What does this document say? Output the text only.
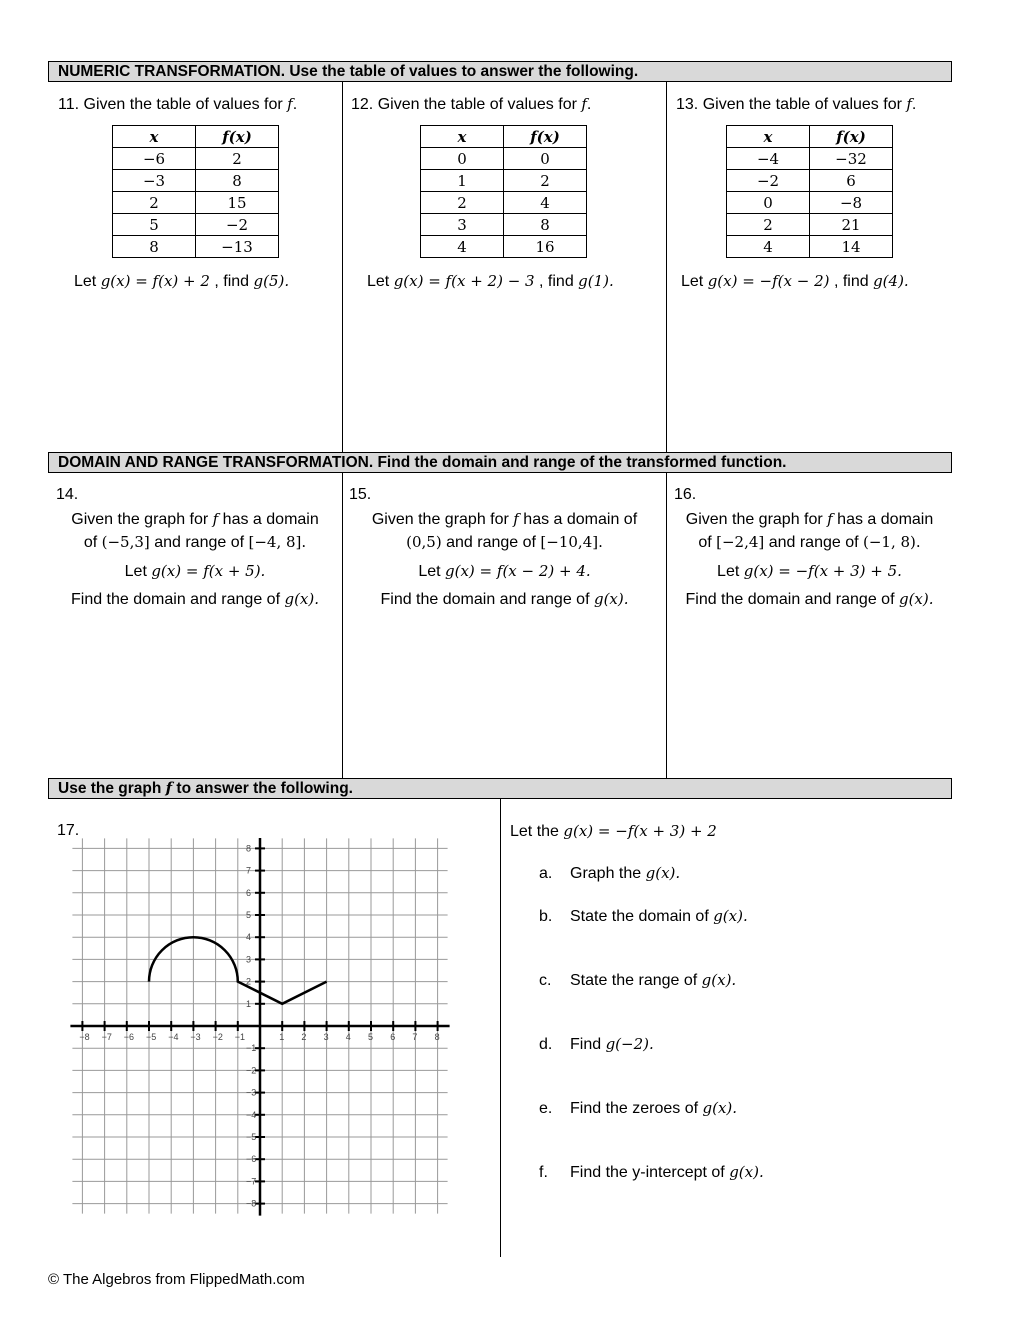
NUMERIC TRANSFORMATION. Use the table of values to answer the following.
11. Given the table of values for f.
x	f(x)
−6	2
−3	8
2	15
5	−2
8	−13
Let g(x) = f(x) + 2 , find g(5).
12. Given the table of values for f.
x	f(x)
0	0
1	2
2	4
3	8
4	16
Let g(x) = f(x + 2) − 3 , find g(1).
13. Given the table of values for f.
x	f(x)
−4	−32
−2	6
0	−8
2	21
4	14
Let g(x) = −f(x − 2) , find g(4).
DOMAIN AND RANGE TRANSFORMATION. Find the domain and range of the transformed function.
14.
Given the graph for f has a domain
of (−5,3] and range of [−4, 8].
Let g(x) = f(x + 5).
Find the domain and range of g(x).
15.
Given the graph for f has a domain of
(0,5) and range of [−10,4].
Let g(x) = f(x − 2) + 4.
Find the domain and range of g(x).
16.
Given the graph for f has a domain
of [−2,4] and range of (−1, 8).
Let g(x) = −f(x + 3) + 5.
Find the domain and range of g(x).
Use the graph f to answer the following.
17.
−8 −7 −6 −5 −4 −3 −2 −1	1 2 3 4 5 6 7 8
8
7
6
5
4
3
2
1
−1
−2
−3
−4
−5
−6
−7
−8
Let the g(x) = −f(x + 3) + 2
a. Graph the g(x).
b. State the domain of g(x).
c. State the range of g(x).
d. Find g(−2).
e. Find the zeroes of g(x).
f. Find the y-intercept of g(x).
© The Algebros from FlippedMath.com
